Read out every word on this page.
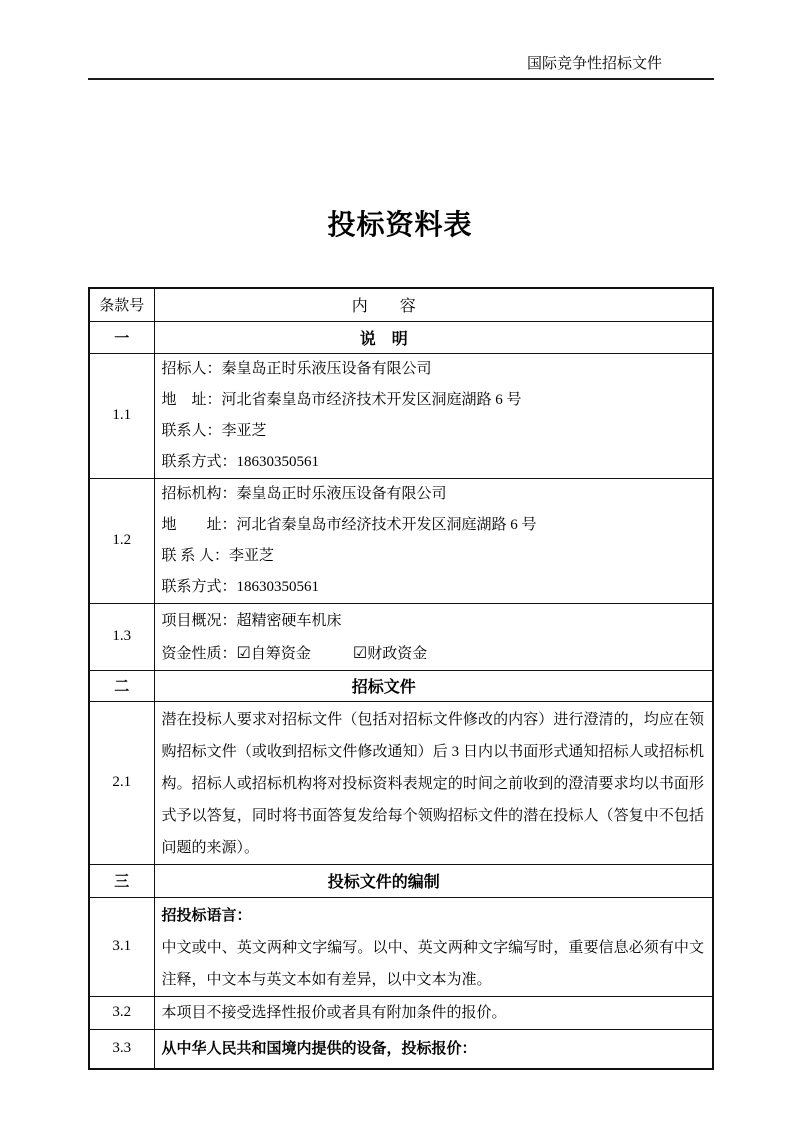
国际竞争性招标文件
投标资料表
条款号	内　　容
一	说　明
1.1	招标人：秦皇岛正时乐液压设备有限公司
地　址：河北省秦皇岛市经济技术开发区洞庭湖路 6 号
联系人：李亚芝
联系方式：18630350561

1.2	招标机构：秦皇岛正时乐液压设备有限公司
地　　址：河北省秦皇岛市经济技术开发区洞庭湖路 6 号
联 系 人：李亚芝
联系方式：18630350561

1.3	项目概况：超精密硬车机床
资金性质：☑自筹资金 ☑财政资金

二	招标文件
2.1	潜在投标人要求对招标文件（包括对招标文件修改的内容）进行澄清的，均应在领购招标文件（或收到招标文件修改通知）后 3 日内以书面形式通知招标人或招标机构。招标人或招标机构将对投标资料表规定的时间之前收到的澄清要求均以书面形式予以答复，同时将书面答复发给每个领购招标文件的潜在投标人（答复中不包括问题的来源）。

三	投标文件的编制
3.1	招投标语言：

中文或中、英文两种文字编写。以中、英文两种文字编写时，重要信息必须有中文注释，中文本与英文本如有差异，以中文本为准。

3.2	本项目不接受选择性报价或者具有附加条件的报价。

3.3	从中华人民共和国境内提供的设备，投标报价：
